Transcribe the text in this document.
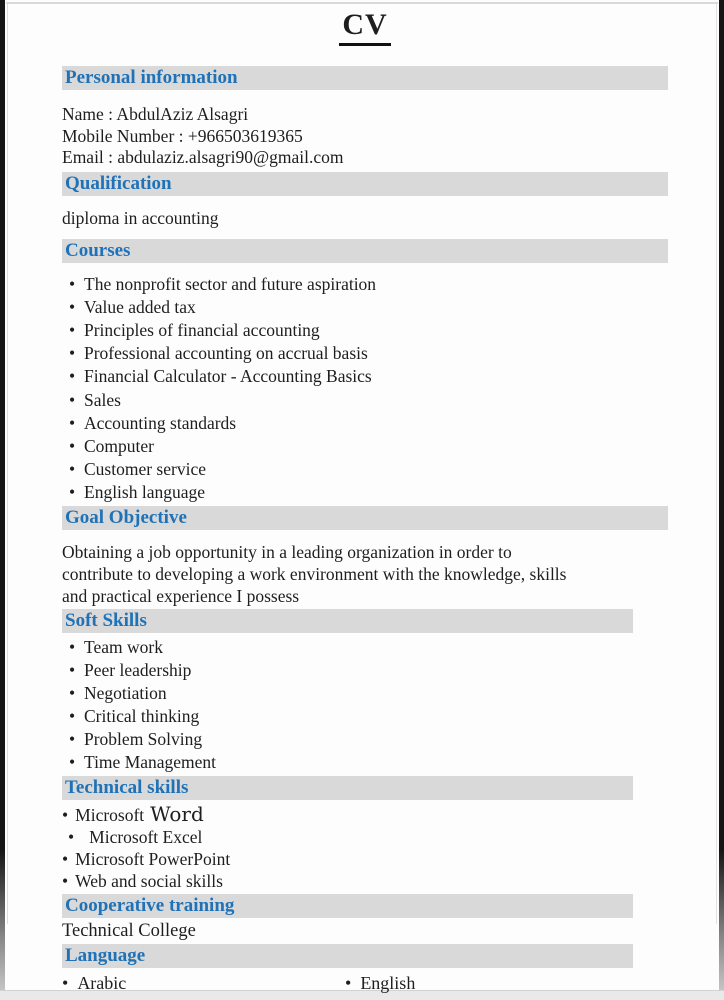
CV
Personal information
Name : AbdulAziz Alsagri
Mobile Number : +966503619365
Email : abdulaziz.alsagri90@gmail.com
Qualification
diploma in accounting
Courses
• The nonprofit sector and future aspiration
• Value added tax
• Principles of financial accounting
• Professional accounting on accrual basis
• Financial Calculator - Accounting Basics
• Sales
• Accounting standards
• Computer
• Customer service
• English language
Goal Objective
Obtaining a job opportunity in a leading organization in order to
contribute to developing a work environment with the knowledge, skills
and practical experience I possess
Soft Skills
• Team work
• Peer leadership
• Negotiation
• Critical thinking
• Problem Solving
• Time Management
Technical skills
• Microsoft Word
• Microsoft Excel
• Microsoft PowerPoint
• Web and social skills
Cooperative training
Technical College
Language
• Arabic	• English
